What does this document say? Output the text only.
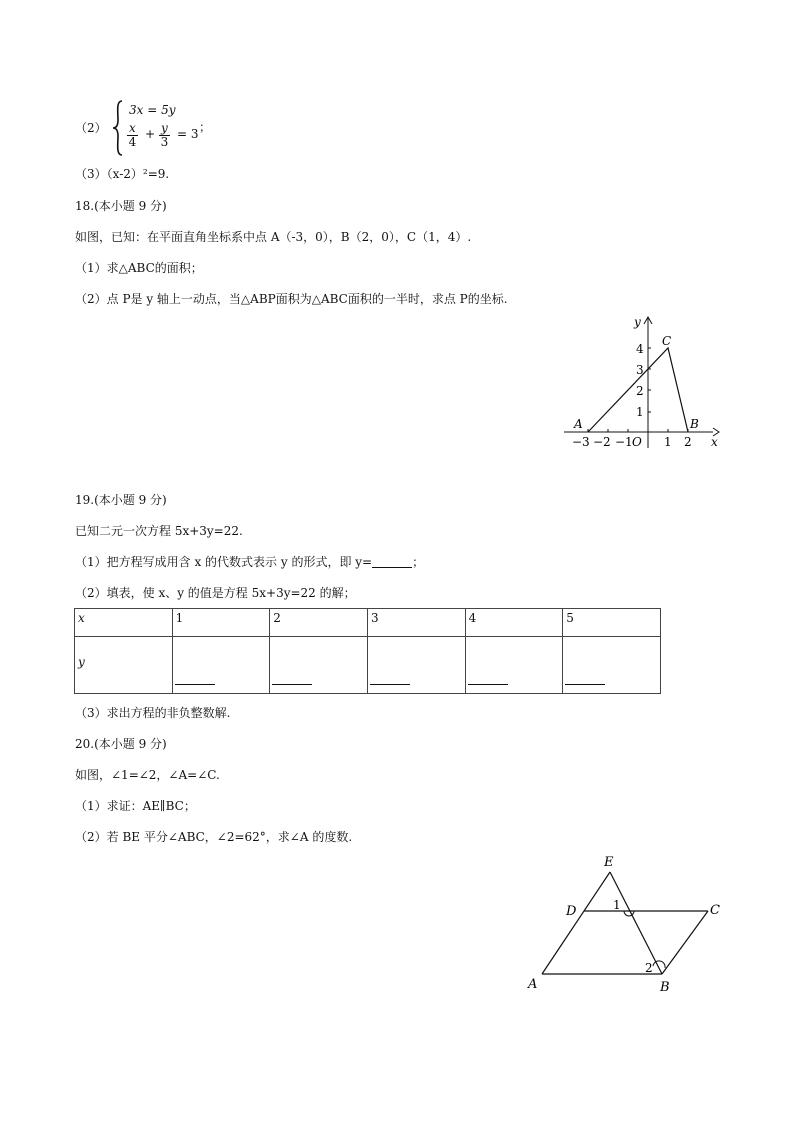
（2）
3x = 5y
$\frac{x}{4} + \frac{y}{3} = 3$ ；
（3）（x-2）²=9.
18.(本小题 9 分)
如图，已知：在平面直角坐标系中点 A（-3，0），B（2，0），C（1，4）.
（1）求△ABC的面积；
（2）点 P是 y 轴上一动点，当△ABP面积为△ABC面积的一半时，求点 P的坐标.
y
x
A	B
C
−3 −2 −1 O 1 2
1
2
3
4
19.(本小题 9 分)
已知二元一次方程 5x+3y=22.
（1）把方程写成用含 x 的代数式表示 y 的形式，即 y=	；
（2）填表，使 x、y 的值是方程 5x+3y=22 的解；
x	1	2	3	4	5

y					

（3）求出方程的非负整数解.
20.(本小题 9 分)
如图，∠1=∠2，∠A=∠C.
（1）求证：AE∥BC；
（2）若 BE 平分∠ABC，∠2=62°，求∠A 的度数.
E
D	C
A	B
1
2
